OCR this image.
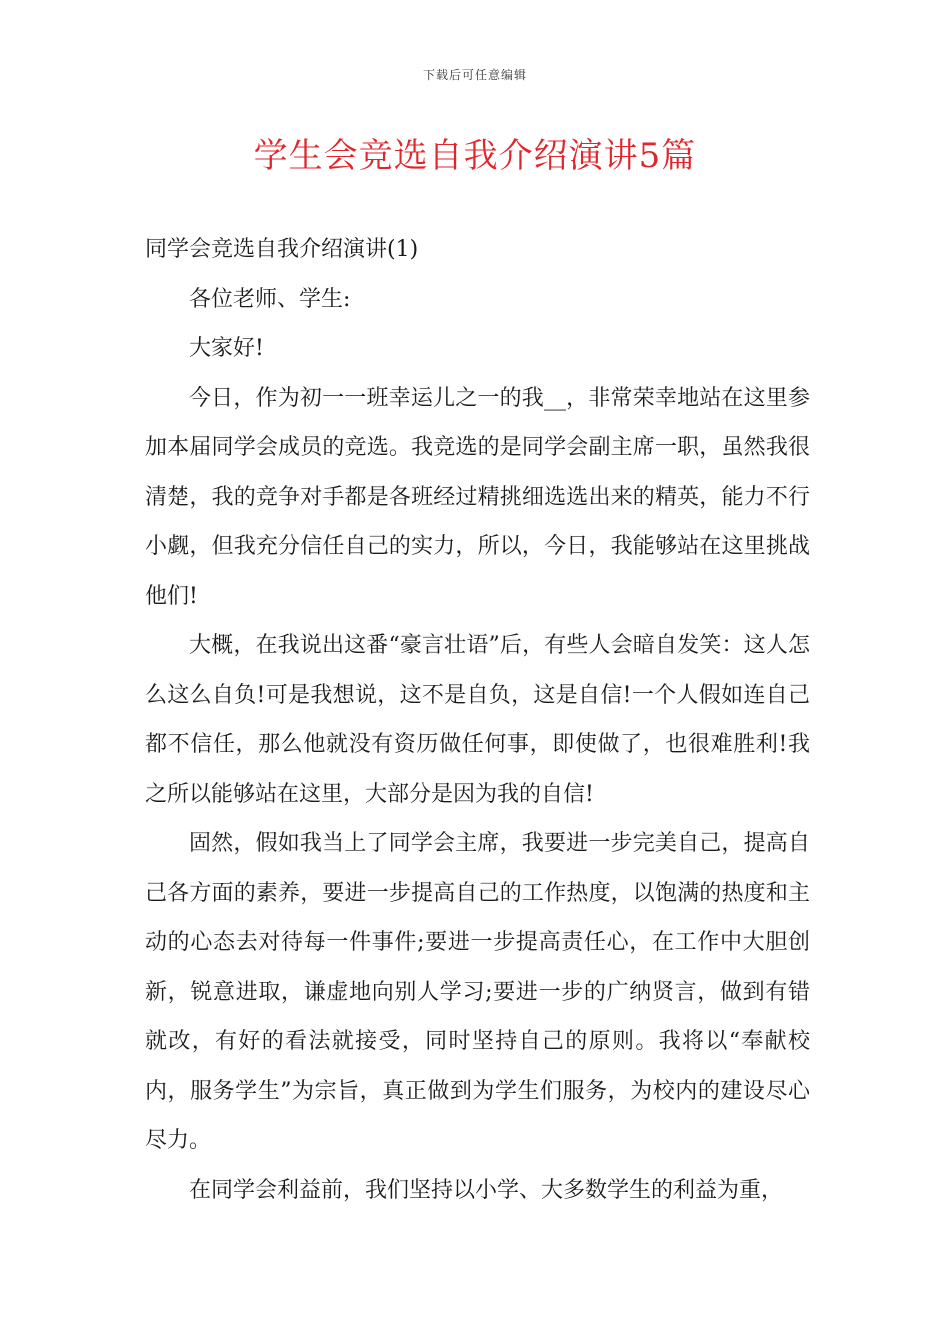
下载后可任意编辑
学生会竞选自我介绍演讲5篇

同学会竞选自我介绍演讲(1)

各位老师、学生:

大家好!

今日，作为初一一班幸运儿之一的我__，非常荣幸地站在这里参加本届同学会成员的竞选。我竞选的是同学会副主席一职，虽然我很清楚，我的竞争对手都是各班经过精挑细选选出来的精英，能力不行小觑，但我充分信任自己的实力，所以，今日，我能够站在这里挑战他们!

大概，在我说出这番“豪言壮语”后，有些人会暗自发笑：这人怎么这么自负!可是我想说，这不是自负，这是自信!一个人假如连自己都不信任，那么他就没有资历做任何事，即使做了，也很难胜利!我之所以能够站在这里，大部分是因为我的自信!

固然，假如我当上了同学会主席，我要进一步完美自己，提高自己各方面的素养，要进一步提高自己的工作热度，以饱满的热度和主动的心态去对待每一件事件;要进一步提高责任心，在工作中大胆创新，锐意进取，谦虚地向别人学习;要进一步的广纳贤言，做到有错就改，有好的看法就接受，同时坚持自己的原则。我将以“奉献校内，服务学生”为宗旨，真正做到为学生们服务，为校内的建设尽心尽力。

在同学会利益前，我们坚持以小学、大多数学生的利益为重，
